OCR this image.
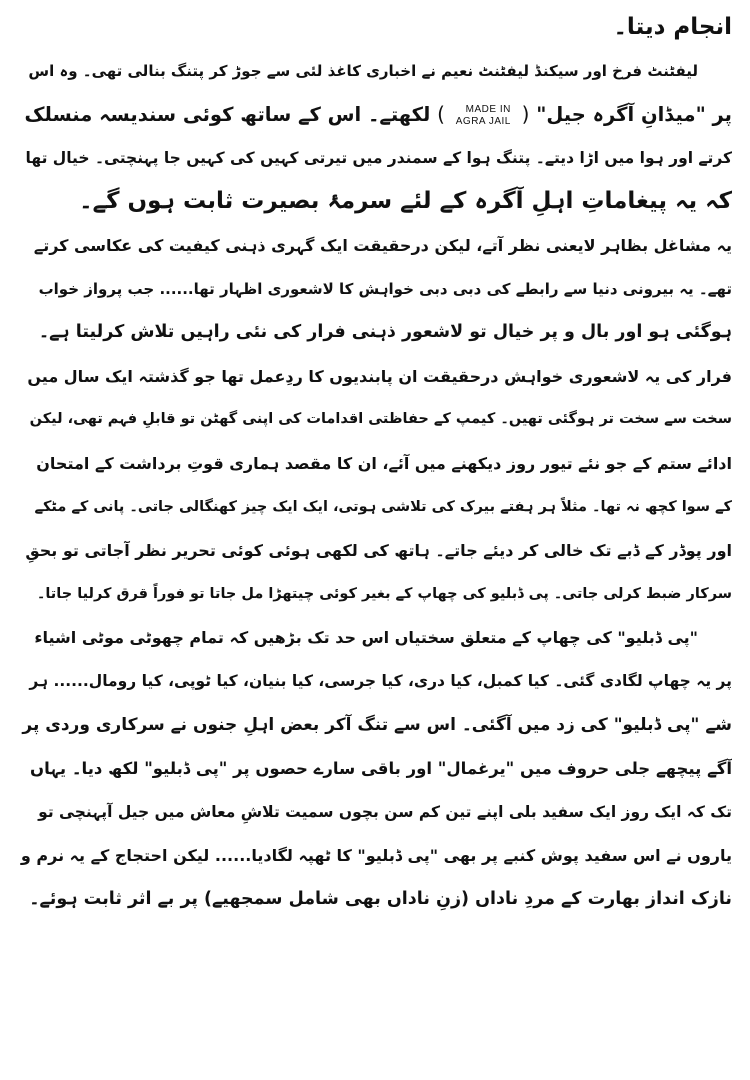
انجام دیتا۔
لیفٹنٹ فرخ اور سیکنڈ لیفٹنٹ نعیم نے اخباری کاغذ لئی سے جوڑ کر پتنگ بنالی تھی۔ وہ اس
پر "میڈانِ آگرہ جیل" (
MADE IN
AGRA JAIL
) لکھتے۔ اس کے ساتھ کوئی سندیسہ منسلک
کرتے اور ہوا میں اڑا دیتے۔ پتنگ ہوا کے سمندر میں تیرتی کہیں کی کہیں جا پہنچتی۔ خیال تھا
کہ یہ پیغاماتِ اہلِ آگرہ کے لئے سرمۂ بصیرت ثابت ہوں گے۔
یہ مشاغل بظاہر لایعنی نظر آتے، لیکن درحقیقت ایک گہری ذہنی کیفیت کی عکاسی کرتے
تھے۔ یہ بیرونی دنیا سے رابطے کی دبی دبی خواہش کا لاشعوری اظہار تھا...... جب پرواز خواب
ہوگئی ہو اور بال و پر خیال تو لاشعور ذہنی فرار کی نئی راہیں تلاش کرلیتا ہے۔
فرار کی یہ لاشعوری خواہش درحقیقت ان پابندیوں کا ردِعمل تھا جو گذشتہ ایک سال میں
سخت سے سخت تر ہوگئی تھیں۔ کیمپ کے حفاظتی اقدامات کی اپنی گھٹن تو قابلِ فہم تھی، لیکن
ادائے ستم کے جو نئے تیور روز دیکھنے میں آئے، ان کا مقصد ہماری قوتِ برداشت کے امتحان
کے سوا کچھ نہ تھا۔ مثلاً ہر ہفتے بیرک کی تلاشی ہوتی، ایک ایک چیز کھنگالی جاتی۔ پانی کے مٹکے
اور پوڈر کے ڈبے تک خالی کر دیئے جاتے۔ ہاتھ کی لکھی ہوئی کوئی تحریر نظر آجاتی تو بحقِ
سرکار ضبط کرلی جاتی۔ پی ڈبلیو کی چھاپ کے بغیر کوئی چیتھڑا مل جاتا تو فوراً قرق کرلیا جاتا۔
"پی ڈبلیو" کی چھاپ کے متعلق سختیاں اس حد تک بڑھیں کہ تمام چھوٹی موٹی اشیاء
پر یہ چھاپ لگادی گئی۔ کیا کمبل، کیا دری، کیا جرسی، کیا بنیان، کیا ٹوپی، کیا رومال...... ہر
شے "پی ڈبلیو" کی زد میں آگئی۔ اس سے تنگ آکر بعض اہلِ جنوں نے سرکاری وردی پر
آگے پیچھے جلی حروف میں "یرغمال" اور باقی سارے حصوں پر "پی ڈبلیو" لکھ دیا۔ یہاں
تک کہ ایک روز ایک سفید بلی اپنے تین کم سن بچوں سمیت تلاشِ معاش میں جیل آپہنچی تو
یاروں نے اس سفید پوش کنبے پر بھی "پی ڈبلیو" کا ٹھپہ لگادیا...... لیکن احتجاج کے یہ نرم و
نازک انداز بھارت کے مردِ ناداں (زنِ ناداں بھی شامل سمجھیے) پر بے اثر ثابت ہوئے۔
